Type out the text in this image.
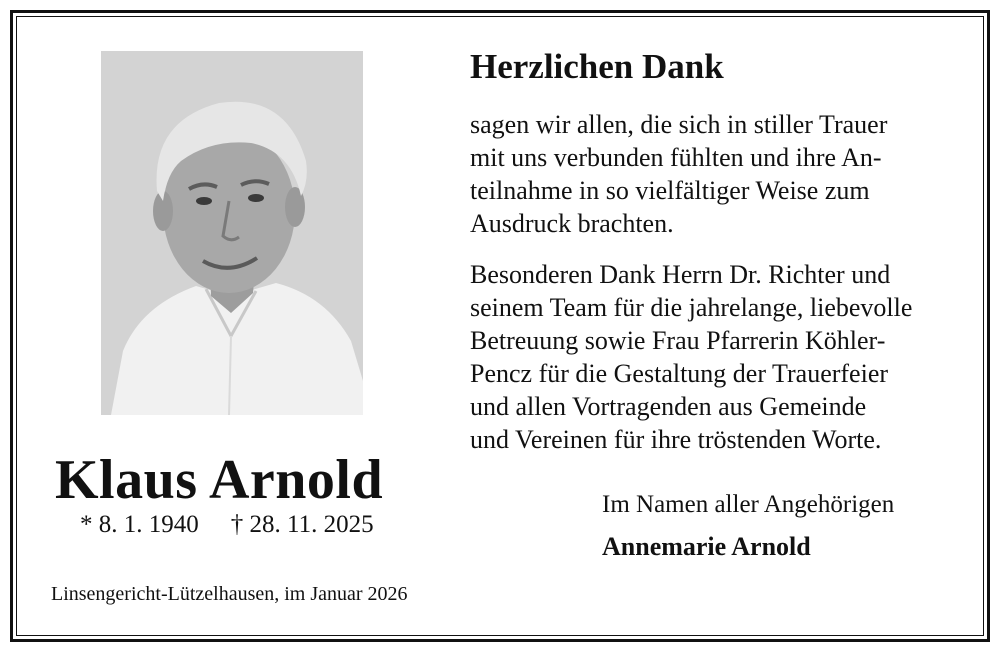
Klaus Arnold
* 8. 1. 1940 † 28. 11. 2025
Linsengericht-Lützelhausen, im Januar 2026
Herzlichen Dank

sagen wir allen, die sich in stiller Trauer

mit uns verbunden fühlten und ihre An-

teilnahme in so vielfältiger Weise zum

Ausdruck brachten.

Besonderen Dank Herrn Dr. Richter und

seinem Team für die jahrelange, liebevolle

Betreuung sowie Frau Pfarrerin Köhler-

Pencz für die Gestaltung der Trauerfeier

und allen Vortragenden aus Gemeinde

und Vereinen für ihre tröstenden Worte.

Im Namen aller Angehörigen
Annemarie Arnold
